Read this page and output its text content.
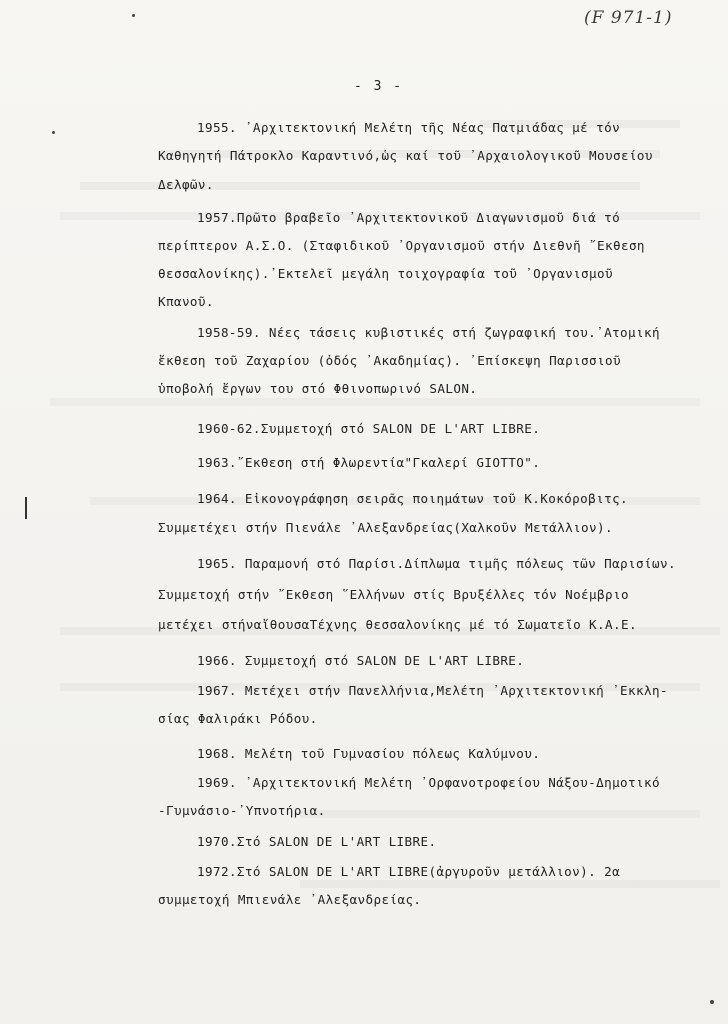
(F 971-1)
- 3 -
1955. ᾽Αρχιτεκτονική Μελέτη τῆς Νέας Πατμιάδας μέ τόν
Καθηγητή Πάτροκλο Καραντινό,ὡς καί τοῦ ᾽Αρχαιολογικοῦ Μουσείου
Δελφῶν.
1957.Πρῶτο βραβεῖο ᾽Αρχιτεκτονικοῦ Διαγωνισμοῦ διά τό
περίπτερον Α.Σ.Ο. (Σταφιδικοῦ ᾽Οργανισμοῦ στήν Διεθνῆ ῎Εκθεση
θεσσαλονίκης).᾽Εκτελεῖ μεγάλη τοιχογραφία τοῦ ᾽Οργανισμοῦ
Κπανοῦ.
1958-59. Νέες τάσεις κυβιστικές στή ζωγραφική του.᾽Ατομική
ἔκθεση τοῦ Ζαχαρίου (ὀδός ᾽Ακαδημίας). ᾽Επίσκεψη Παρισσιοῦ
ὑποβολή ἔργων του στό Φθινοπωρινό SALON.
1960-62.Συμμετοχή στό SALON DE L'ART LIBRE.
1963.῎Εκθεση στή Φλωρεντία"Γκαλερί GIOTTO".
1964. Εἰκονογράφηση σειρᾶς ποιημάτων τοῦ Κ.Κοκόροβιτς.
Συμμετέχει στήν Πιενάλε ᾽Αλεξανδρείας(Χαλκοῦν Μετάλλιον).
1965. Παραμονή στό Παρίσι.Δίπλωμα τιμῆς πόλεως τῶν Παρισίων.
Συμμετοχή στήν ῎Εκθεση ῞Ελλήνων στίς Βρυξέλλες τόν Νοέμβριο
μετέχει στήναἴθουσαΤέχνης θεσσαλονίκης μέ τό Σωματεῖο Κ.Α.Ε.
1966. Συμμετοχή στό SALON DE L'ART LIBRE.
1967. Μετέχει στήν Πανελλήνια,Μελέτη ᾽Αρχιτεκτονική ᾽Εκκλη-
σίας Φαλιράκι Ρόδου.
1968. Μελέτη τοῦ Γυμνασίου πόλεως Καλύμνου.
1969. ᾽Αρχιτεκτονική Μελέτη ᾽Ορφανοτροφείου Νάξου-Δημοτικό
-Γυμνάσιο-᾽Υπνοτήρια.
1970.Στό SALON DE L'ART LIBRE.
1972.Στό SALON DE L'ART LIBRE(ἀργυροῦν μετάλλιον). 2α
συμμετοχή Μπιενάλε ᾽Αλεξανδρείας.
